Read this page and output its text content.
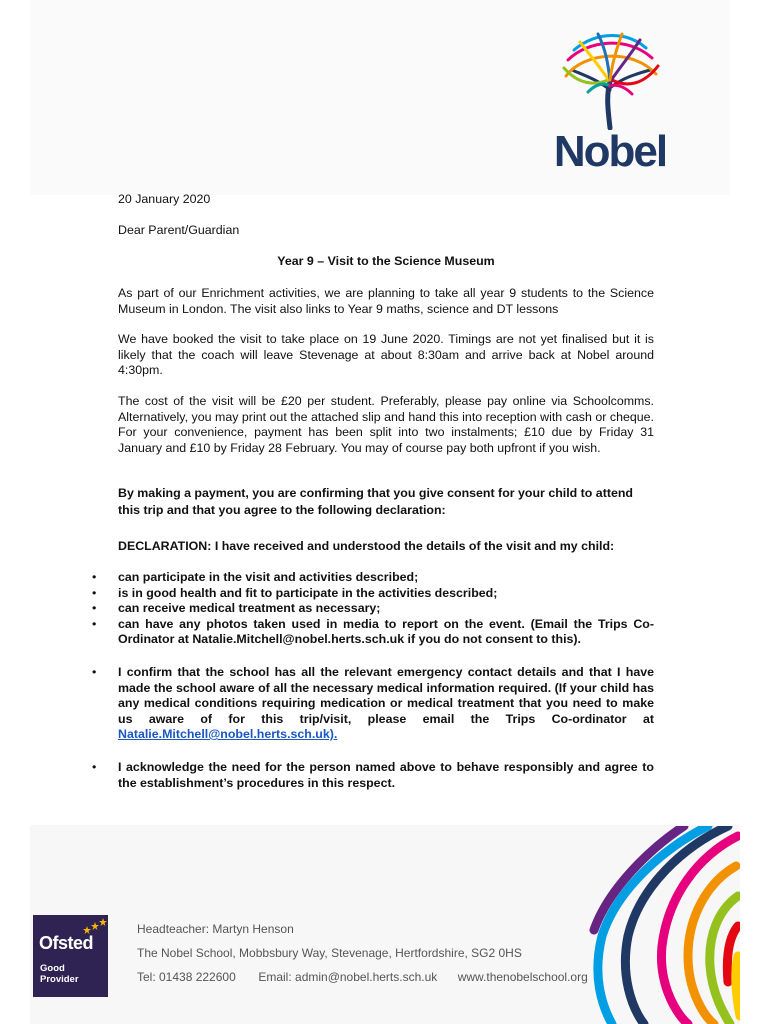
Nobel
20 January 2020
Dear Parent/Guardian
Year 9 – Visit to the Science Museum
As part of our Enrichment activities, we are planning to take all year 9 students to the Science Museum in London. The visit also links to Year 9 maths, science and DT lessons
We have booked the visit to take place on 19 June 2020. Timings are not yet finalised but it is likely that the coach will leave Stevenage at about 8:30am and arrive back at Nobel around 4:30pm.
The cost of the visit will be £20 per student. Preferably, please pay online via Schoolcomms. Alternatively, you may print out the attached slip and hand this into reception with cash or cheque. For your convenience, payment has been split into two instalments; £10 due by Friday 31 January and £10 by Friday 28 February. You may of course pay both upfront if you wish.
By making a payment, you are confirming that you give consent for your child to attend this trip and that you agree to the following declaration:
DECLARATION: I have received and understood the details of the visit and my child:
• can participate in the visit and activities described;
• is in good health and fit to participate in the activities described;
• can receive medical treatment as necessary;
• can have any photos taken used in media to report on the event. (Email the Trips Co-Ordinator at Natalie.Mitchell@nobel.herts.sch.uk if you do not consent to this).
• I confirm that the school has all the relevant emergency contact details and that I have made the school aware of all the necessary medical information required. (If your child has any medical conditions requiring medication or medical treatment that you need to make us aware of for this trip/visit, please email the Trips Co-ordinator at Natalie.Mitchell@nobel.herts.sch.uk).
• I acknowledge the need for the person named above to behave responsibly and agree to the establishment’s procedures in this respect.
Ofsted
Good
Provider
Headteacher: Martyn Henson
The Nobel School, Mobbsbury Way, Stevenage, Hertfordshire, SG2 0HS
Tel: 01438 222600 Email: admin@nobel.herts.sch.uk www.thenobelschool.org
